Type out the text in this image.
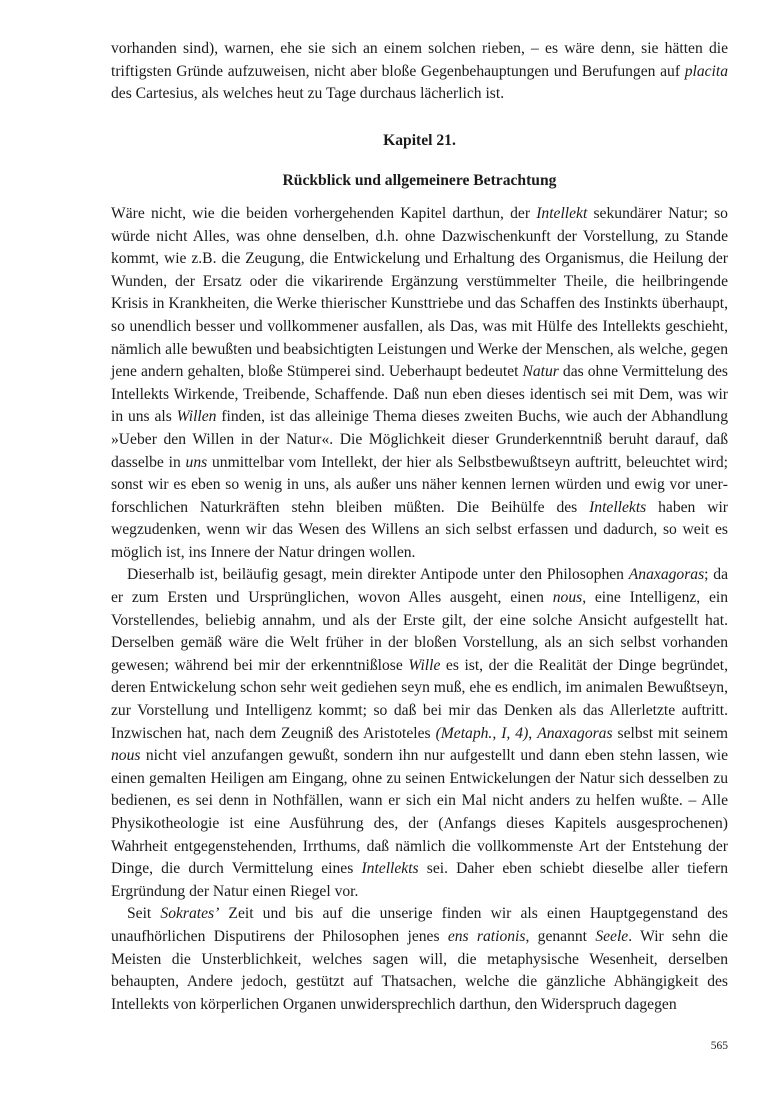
vorhanden sind), warnen, ehe sie sich an einem solchen rieben, – es wäre denn, sie hätten die triftigsten Gründe aufzuweisen, nicht aber bloße Gegenbehauptungen und Berufungen auf placita des Cartesius, als welches heut zu Tage durchaus lächerlich ist.

Kapitel 21.

Rückblick und allgemeinere Betrachtung

Wäre nicht, wie die beiden vorhergehenden Kapitel darthun, der Intellekt sekundärer Natur; so würde nicht Alles, was ohne denselben, d.h. ohne Dazwischenkunft der Vorstellung, zu Stande kommt, wie z.B. die Zeugung, die Entwickelung und Erhaltung des Organismus, die Heilung der Wunden, der Ersatz oder die vikarirende Ergänzung verstümmelter Theile, die heilbringende Krisis in Krankheiten, die Werke thierischer Kunsttriebe und das Schaffen des Instinkts überhaupt, so unendlich besser und vollkommener ausfallen, als Das, was mit Hülfe des Intellekts geschieht, nämlich alle bewußten und beabsichtigten Leistungen und Werke der Menschen, als welche, gegen jene andern gehalten, bloße Stümperei sind. Ueberhaupt bedeutet Natur das ohne Vermittelung des Intellekts Wirkende, Treibende, Schaffende. Daß nun eben dieses identisch sei mit Dem, was wir in uns als Willen finden, ist das alleinige Thema dieses zweiten Buchs, wie auch der Abhandlung »Ueber den Willen in der Natur«. Die Möglichkeit dieser Grunderkenntniß beruht darauf, daß dasselbe in uns unmittelbar vom Intellekt, der hier als Selbstbewußtseyn auftritt, beleuchtet wird; sonst wir es eben so wenig in uns, als außer uns näher kennen lernen würden und ewig vor unerforschlichen Naturkräften stehn bleiben müßten. Die Beihülfe des Intellekts haben wir wegzudenken, wenn wir das Wesen des Willens an sich selbst erfassen und dadurch, so weit es möglich ist, ins Innere der Natur dringen wollen.

Dieserhalb ist, beiläufig gesagt, mein direkter Antipode unter den Philosophen Anaxagoras; da er zum Ersten und Ursprünglichen, wovon Alles ausgeht, einen nous, eine Intelligenz, ein Vorstellendes, beliebig annahm, und als der Erste gilt, der eine solche Ansicht aufgestellt hat. Derselben gemäß wäre die Welt früher in der bloßen Vorstellung, als an sich selbst vorhanden gewesen; während bei mir der erkenntnißlose Wille es ist, der die Realität der Dinge begründet, deren Entwickelung schon sehr weit gediehen seyn muß, ehe es endlich, im animalen Bewußtseyn, zur Vorstellung und Intelligenz kommt; so daß bei mir das Denken als das Allerletzte auftritt. Inzwischen hat, nach dem Zeugniß des Aristoteles (Metaph., I, 4), Anaxagoras selbst mit seinem nous nicht viel anzufangen gewußt, sondern ihn nur aufgestellt und dann eben stehn lassen, wie einen gemalten Heiligen am Eingang, ohne zu seinen Entwickelungen der Natur sich desselben zu bedienen, es sei denn in Nothfällen, wann er sich ein Mal nicht anders zu helfen wußte. – Alle Physikotheologie ist eine Ausführung des, der (Anfangs dieses Kapitels ausgesprochenen) Wahrheit entgegenstehenden, Irrthums, daß nämlich die vollkommenste Art der Entstehung der Dinge, die durch Vermittelung eines Intellekts sei. Daher eben schiebt dieselbe aller tiefern Ergründung der Natur einen Riegel vor.

Seit Sokrates’ Zeit und bis auf die unserige finden wir als einen Hauptgegenstand des unaufhörlichen Disputirens der Philosophen jenes ens rationis, genannt Seele. Wir sehn die Meisten die Unsterblichkeit, welches sagen will, die metaphysische Wesenheit, derselben behaupten, Andere jedoch, gestützt auf Thatsachen, welche die gänzliche Abhängigkeit des Intellekts von körperlichen Organen unwidersprechlich darthun, den Widerspruch dagegen

565
